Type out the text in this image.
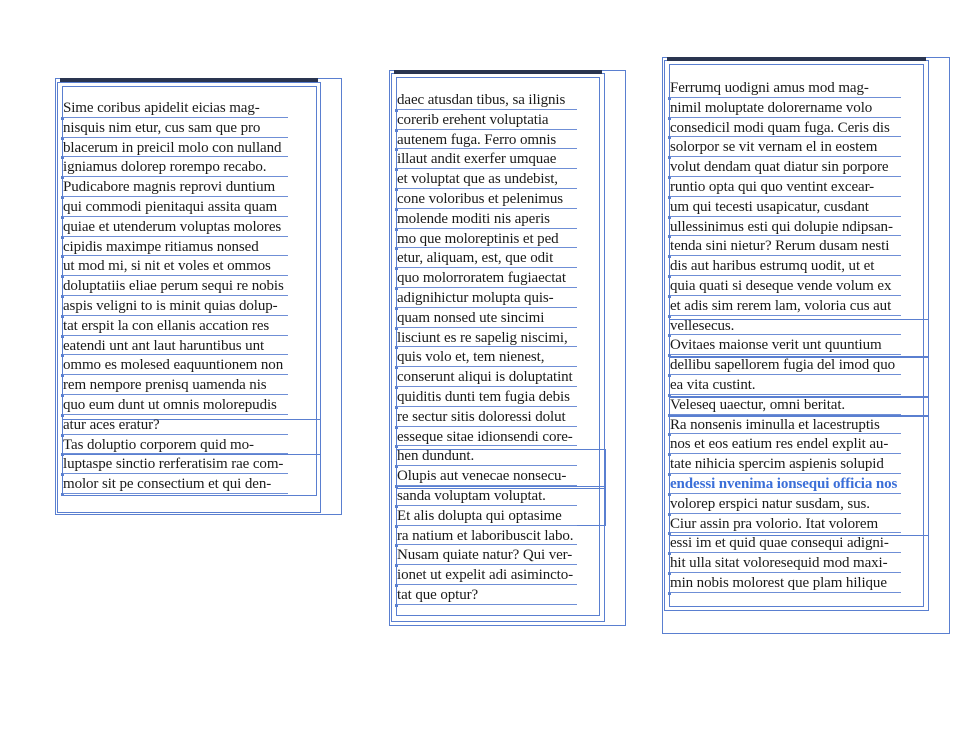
Sime coribus apidelit eicias mag-
nisquis nim etur, cus sam que pro
blacerum in preicil molo con nulland
igniamus dolorep rorempo recabo.
Pudicabore magnis reprovi duntium
qui commodi pienitaqui assita quam
quiae et utenderum voluptas molores
cipidis maximpe ritiamus nonsed
ut mod mi, si nit et voles et ommos
doluptatiis eliae perum sequi re nobis
aspis veligni to is minit quias dolup-
tat erspit la con ellanis accation res
eatendi unt ant laut haruntibus unt
ommo es molesed eaquuntionem non
rem nempore prenisq uamenda nis
quo eum dunt ut omnis molorepudis
atur aces eratur?
Tas doluptio corporem quid mo-
luptaspe sinctio rerferatisim rae com-
molor sit pe consectium et qui den-
daec atusdan tibus, sa ilignis
corerib erehent voluptatia
autenem fuga. Ferro omnis
illaut andit exerfer umquae
et voluptat que as undebist,
cone voloribus et pelenimus
molende moditi nis aperis
mo que moloreptinis et ped
etur, aliquam, est, que odit
quo molorroratem fugiaectat
adignihictur molupta quis-
quam nonsed ute sincimi
lisciunt es re sapelig niscimi,
quis volo et, tem nienest,
conserunt aliqui is doluptatint
quiditis dunti tem fugia debis
re sectur sitis doloressi dolut
esseque sitae idionsendi core-
hen dundunt.
Olupis aut venecae nonsecu-
sanda voluptam voluptat.
Et alis dolupta qui optasime
ra natium et laboribuscit labo.
Nusam quiate natur? Qui ver-
ionet ut expelit adi asimincto-
tat que optur?
Ferrumq uodigni amus mod mag-
nimil moluptate dolorername volo
consedicil modi quam fuga. Ceris dis
solorpor se vit vernam el in eostem
volut dendam quat diatur sin porpore
runtio opta qui quo ventint excear-
um qui tecesti usapicatur, cusdant
ullessinimus esti qui dolupie ndipsan-
tenda sini nietur? Rerum dusam nesti
dis aut haribus estrumq uodit, ut et
quia quati si deseque vende volum ex
et adis sim rerem lam, voloria cus aut
vellesecus.
Ovitaes maionse verit unt quuntium
dellibu sapellorem fugia del imod quo
ea vita custint.
Veleseq uaectur, omni beritat.
Ra nonsenis iminulla et lacestruptis
nos et eos eatium res endel explit au-
tate nihicia spercim aspienis solupid
endessi nvenima ionsequi officia nos
volorep erspici natur susdam, sus.
Ciur assin pra volorio. Itat volorem
essi im et quid quae consequi adigni-
hit ulla sitat voloresequid mod maxi-
min nobis molorest que plam hilique
